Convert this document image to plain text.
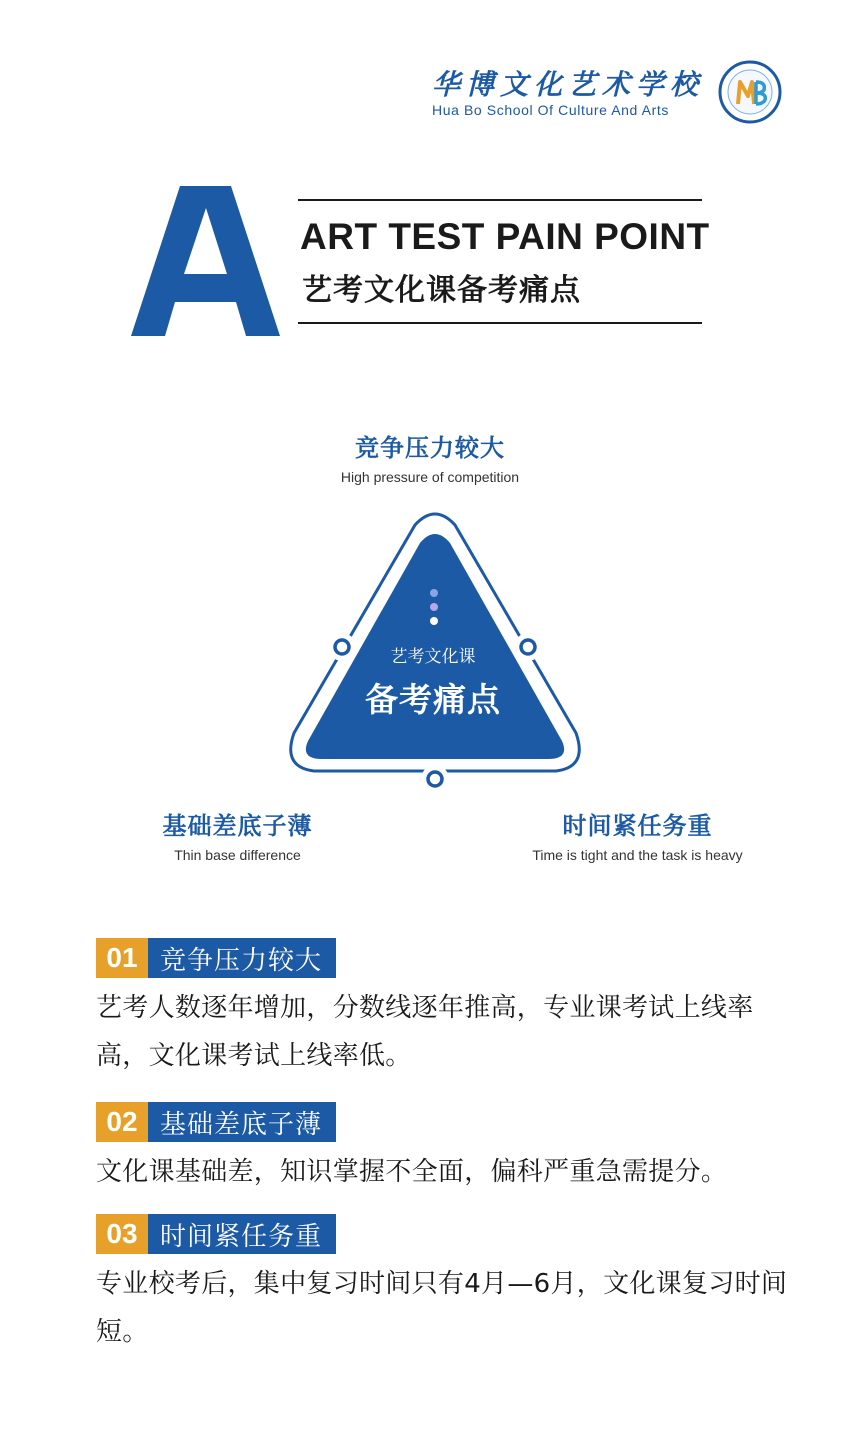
华博文化艺术学校
Hua Bo School Of Culture And Arts
ART TEST PAIN POINT
艺考文化课备考痛点
竞争压力较大
High pressure of competition
艺考文化课
备考痛点
基础差底子薄
Thin base difference
时间紧任务重
Time is tight and the task is heavy
01 竞争压力较大
艺考人数逐年增加，分数线逐年推高，专业课考试上线率高，文化课考试上线率低。
02 基础差底子薄
文化课基础差，知识掌握不全面，偏科严重急需提分。
03 时间紧任务重
专业校考后，集中复习时间只有4月—6月，文化课复习时间短。
